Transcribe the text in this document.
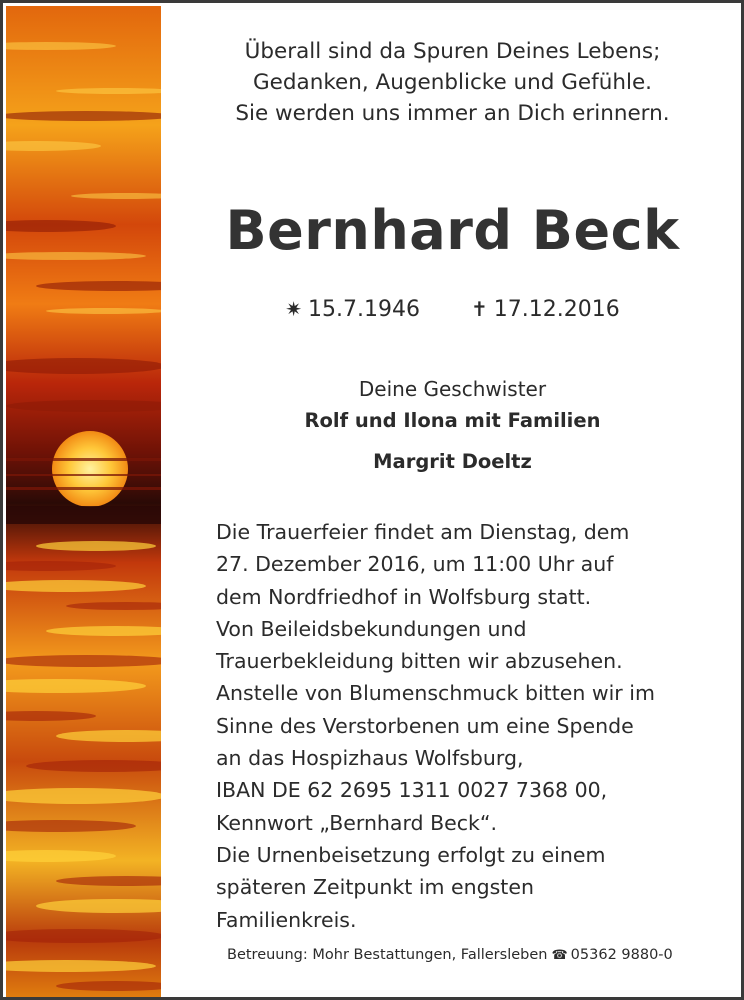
Überall sind da Spuren Deines Lebens;
Gedanken, Augenblicke und Gefühle.
Sie werden uns immer an Dich erinnern.
Bernhard Beck
✷ 15.7.1946	✝ 17.12.2016
Deine Geschwister
Rolf und Ilona mit Familien
Margrit Doeltz
Die Trauerfeier findet am Dienstag, dem
27. Dezember 2016, um 11:00 Uhr auf
dem Nordfriedhof in Wolfsburg statt.
Von Beileidsbekundungen und
Trauerbekleidung bitten wir abzusehen.
Anstelle von Blumenschmuck bitten wir im
Sinne des Verstorbenen um eine Spende
an das Hospizhaus Wolfsburg,
IBAN DE 62 2695 1311 0027 7368 00,
Kennwort „Bernhard Beck“.
Die Urnenbeisetzung erfolgt zu einem
späteren Zeitpunkt im engsten
Familienkreis.
Betreuung: Mohr Bestattungen, Fallersleben ☎ 05362 9880-0
